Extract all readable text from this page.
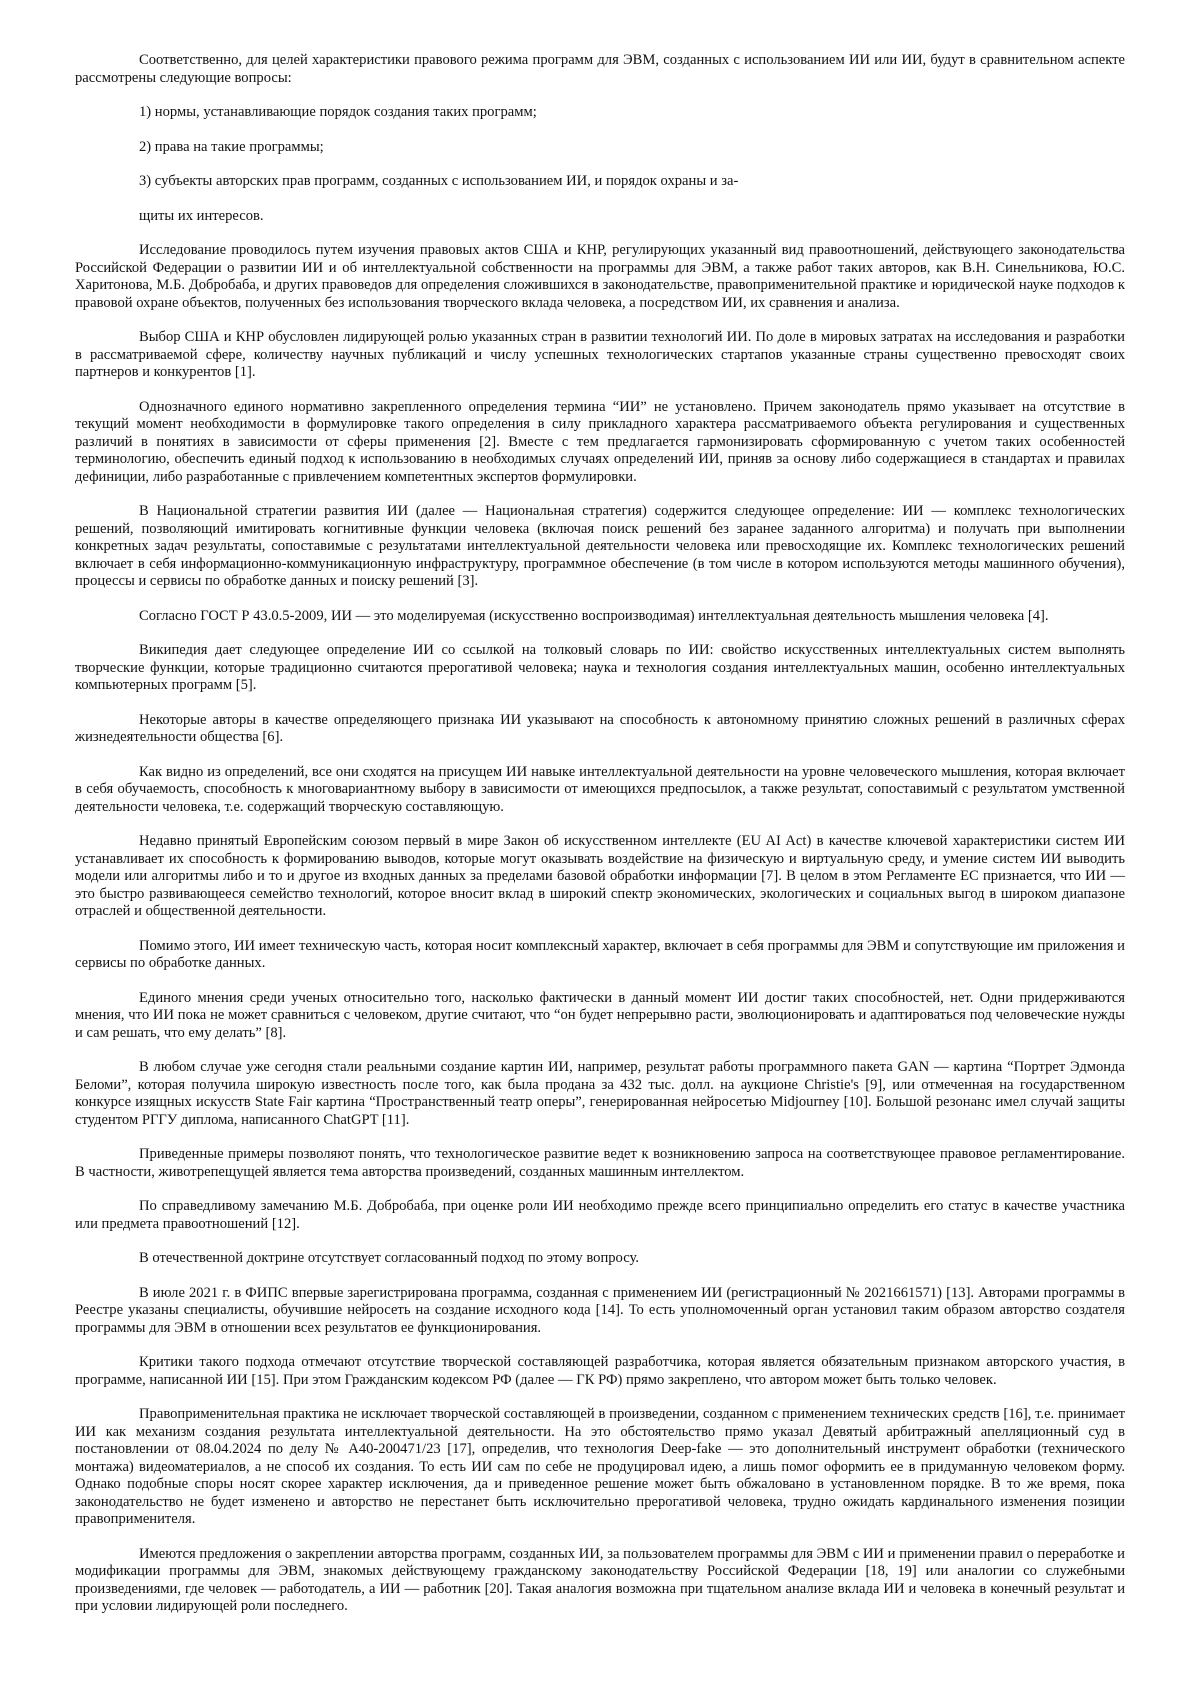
Соответственно, для целей характеристики правового режима программ для ЭВМ, созданных с использованием ИИ или ИИ, будут в сравнительном аспекте рассмотрены следующие вопросы:

1) нормы, устанавливающие порядок создания таких программ;

2) права на такие программы;

3) субъекты авторских прав программ, созданных с использованием ИИ, и порядок охраны и за-

щиты их интересов.

Исследование проводилось путем изучения правовых актов США и КНР, регулирующих указанный вид правоотношений, действующего законодательства Российской Федерации о развитии ИИ и об интеллектуальной собственности на программы для ЭВМ, а также работ таких авторов, как В.Н. Синельникова, Ю.С. Харитонова, М.Б. Добробаба, и других правоведов для определения сложившихся в законодательстве, правоприменительной практике и юридической науке подходов к правовой охране объектов, полученных без использования творческого вклада человека, а посредством ИИ, их сравнения и анализа.

Выбор США и КНР обусловлен лидирующей ролью указанных стран в развитии технологий ИИ. По доле в мировых затратах на исследования и разработки в рассматриваемой сфере, количеству научных публикаций и числу успешных технологических стартапов указанные страны существенно превосходят своих партнеров и конкурентов [1].

Однозначного единого нормативно закрепленного определения термина “ИИ” не установлено. Причем законодатель прямо указывает на отсутствие в текущий момент необходимости в формулировке такого определения в силу прикладного характера рассматриваемого объекта регулирования и существенных различий в понятиях в зависимости от сферы применения [2]. Вместе с тем предлагается гармонизировать сформированную с учетом таких особенностей терминологию, обеспечить единый подход к использованию в необходимых случаях определений ИИ, приняв за основу либо содержащиеся в стандартах и правилах дефиниции, либо разработанные с привлечением компетентных экспертов формулировки.

В Национальной стратегии развития ИИ (далее — Национальная стратегия) содержится следующее определение: ИИ — комплекс технологических решений, позволяющий имитировать когнитивные функции человека (включая поиск решений без заранее заданного алгоритма) и получать при выполнении конкретных задач результаты, сопоставимые с результатами интеллектуальной деятельности человека или превосходящие их. Комплекс технологических решений включает в себя информационно-коммуникационную инфраструктуру, программное обеспечение (в том числе в котором используются методы машинного обучения), процессы и сервисы по обработке данных и поиску решений [3].

Согласно ГОСТ Р 43.0.5-2009, ИИ — это моделируемая (искусственно воспроизводимая) интеллектуальная деятельность мышления человека [4].

Википедия дает следующее определение ИИ со ссылкой на толковый словарь по ИИ: свойство искусственных интеллектуальных систем выполнять творческие функции, которые традиционно считаются прерогативой человека; наука и технология создания интеллектуальных машин, особенно интеллектуальных компьютерных программ [5].

Некоторые авторы в качестве определяющего признака ИИ указывают на способность к автономному принятию сложных решений в различных сферах жизнедеятельности общества [6].

Как видно из определений, все они сходятся на присущем ИИ навыке интеллектуальной деятельности на уровне человеческого мышления, которая включает в себя обучаемость, способность к многовариантному выбору в зависимости от имеющихся предпосылок, а также результат, сопоставимый с результатом умственной деятельности человека, т.е. содержащий творческую составляющую.

Недавно принятый Европейским союзом первый в мире Закон об искусственном интеллекте (EU AI Act) в качестве ключевой характеристики систем ИИ устанавливает их способность к формированию выводов, которые могут оказывать воздействие на физическую и виртуальную среду, и умение систем ИИ выводить модели или алгоритмы либо и то и другое из входных данных за пределами базовой обработки информации [7]. В целом в этом Регламенте ЕС признается, что ИИ — это быстро развивающееся семейство технологий, которое вносит вклад в широкий спектр экономических, экологических и социальных выгод в широком диапазоне отраслей и общественной деятельности.

Помимо этого, ИИ имеет техническую часть, которая носит комплексный характер, включает в себя программы для ЭВМ и сопутствующие им приложения и сервисы по обработке данных.

Единого мнения среди ученых относительно того, насколько фактически в данный момент ИИ достиг таких способностей, нет. Одни придерживаются мнения, что ИИ пока не может сравниться с человеком, другие считают, что “он будет непрерывно расти, эволюционировать и адаптироваться под человеческие нужды и сам решать, что ему делать” [8].

В любом случае уже сегодня стали реальными создание картин ИИ, например, результат работы программного пакета GAN — картина “Портрет Эдмонда Беломи”, которая получила широкую известность после того, как была продана за 432 тыс. долл. на аукционе Christie's [9], или отмеченная на государственном конкурсе изящных искусств State Fair картина “Пространственный театр оперы”, генерированная нейросетью Midjourney [10]. Большой резонанс имел случай защиты студентом РГГУ диплома, написанного ChatGPT [11].

Приведенные примеры позволяют понять, что технологическое развитие ведет к возникновению запроса на соответствующее правовое регламентирование. В частности, животрепещущей является тема авторства произведений, созданных машинным интеллектом.

По справедливому замечанию М.Б. Добробаба, при оценке роли ИИ необходимо прежде всего принципиально определить его статус в качестве участника или предмета правоотношений [12].

В отечественной доктрине отсутствует согласованный подход по этому вопросу.

В июле 2021 г. в ФИПС впервые зарегистрирована программа, созданная с применением ИИ (регистрационный № 2021661571) [13]. Авторами программы в Реестре указаны специалисты, обучившие нейросеть на создание исходного кода [14]. То есть уполномоченный орган установил таким образом авторство создателя программы для ЭВМ в отношении всех результатов ее функционирования.

Критики такого подхода отмечают отсутствие творческой составляющей разработчика, которая является обязательным признаком авторского участия, в программе, написанной ИИ [15]. При этом Гражданским кодексом РФ (далее — ГК РФ) прямо закреплено, что автором может быть только человек.

Правоприменительная практика не исключает творческой составляющей в произведении, созданном с применением технических средств [16], т.е. принимает ИИ как механизм создания результата интеллектуальной деятельности. На это обстоятельство прямо указал Девятый арбитражный апелляционный суд в постановлении от 08.04.2024 по делу № А40-200471/23 [17], определив, что технология Deep-fake — это дополнительный инструмент обработки (технического монтажа) видеоматериалов, а не способ их создания. То есть ИИ сам по себе не продуцировал идею, а лишь помог оформить ее в придуманную человеком форму. Однако подобные споры носят скорее характер исключения, да и приведенное решение может быть обжаловано в установленном порядке. В то же время, пока законодательство не будет изменено и авторство не перестанет быть исключительно прерогативой человека, трудно ожидать кардинального изменения позиции правоприменителя.

Имеются предложения о закреплении авторства программ, созданных ИИ, за пользователем программы для ЭВМ с ИИ и применении правил о переработке и модификации программы для ЭВМ, знакомых действующему гражданскому законодательству Российской Федерации [18, 19] или аналогии со служебными произведениями, где человек — работодатель, а ИИ — работник [20]. Такая аналогия возможна при тщательном анализе вклада ИИ и человека в конечный результат и при условии лидирующей роли последнего.
